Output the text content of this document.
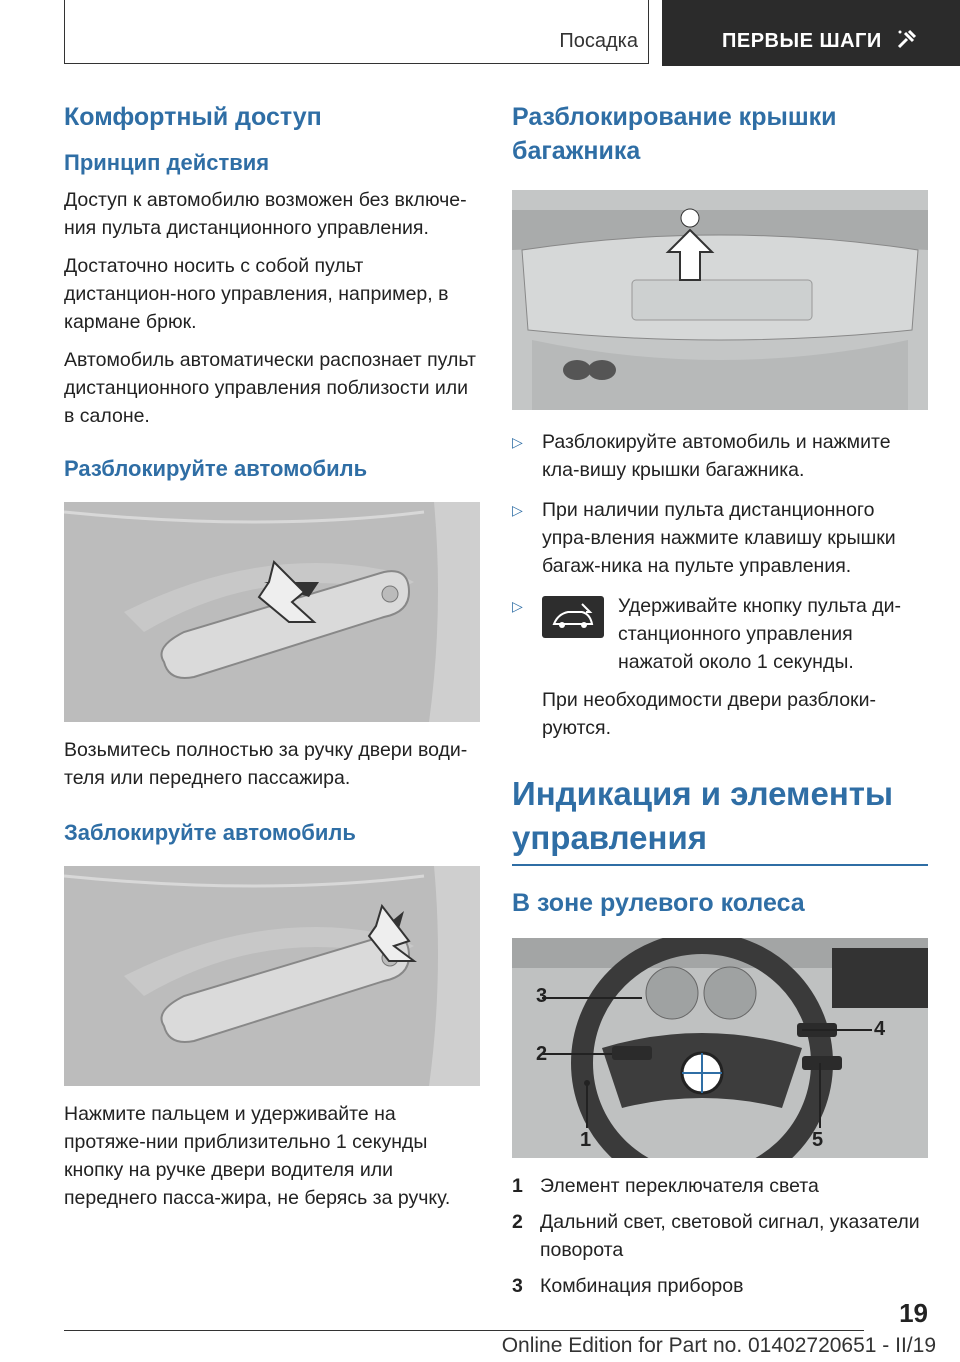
Посадка	ПЕРВЫЕ ШАГИ
Комфортный доступ
Принцип действия

Доступ к автомобилю возможен без включе-ния пульта дистанционного управления.

Достаточно носить с собой пульт дистанцион-ного управления, например, в кармане брюк.

Автомобиль автоматически распознает пульт дистанционного управления поблизости или в салоне.

Разблокируйте автомобиль

Возьмитесь полностью за ручку двери води-теля или переднего пассажира.

Заблокируйте автомобиль

Нажмите пальцем и удерживайте на протяже-нии приблизительно 1 секунды кнопку на ручке двери водителя или переднего пасса-жира, не берясь за ручку.

Разблокирование крышки багажника
▷ Разблокируйте автомобиль и нажмите кла-вишу крышки багажника.
▷ При наличии пульта дистанционного упра-вления нажмите клавишу крышки багаж-ника на пульте управления.
▷	Удерживайте кнопку пульта ди-станционного управления нажатой около 1 секунды.

При необходимости двери разблоки-руются.

Индикация и элементы управления
В зоне рулевого колеса
3
2
1
4
5
1 Элемент переключателя света
2 Дальний свет, световой сигнал, указатели поворота
3 Комбинация приборов
19
Online Edition for Part no. 01402720651 - II/19
